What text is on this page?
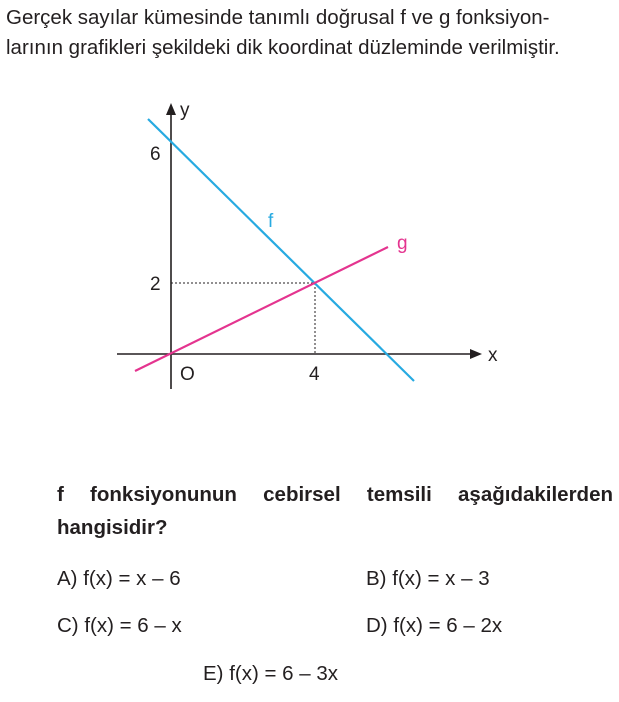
Gerçek sayılar kümesinde tanımlı doğrusal f ve g fonksiyon-
larının grafikleri şekildeki dik koordinat düzleminde verilmiştir.

y
x
O	4
6
2
f
g

f fonksiyonunun cebirsel temsili aşağıdakilerden
hangisidir?

A) f(x) = x – 6	B) f(x) = x – 3
C) f(x) = 6 – x	D) f(x) = 6 – 2x
E) f(x) = 6 – 3x
